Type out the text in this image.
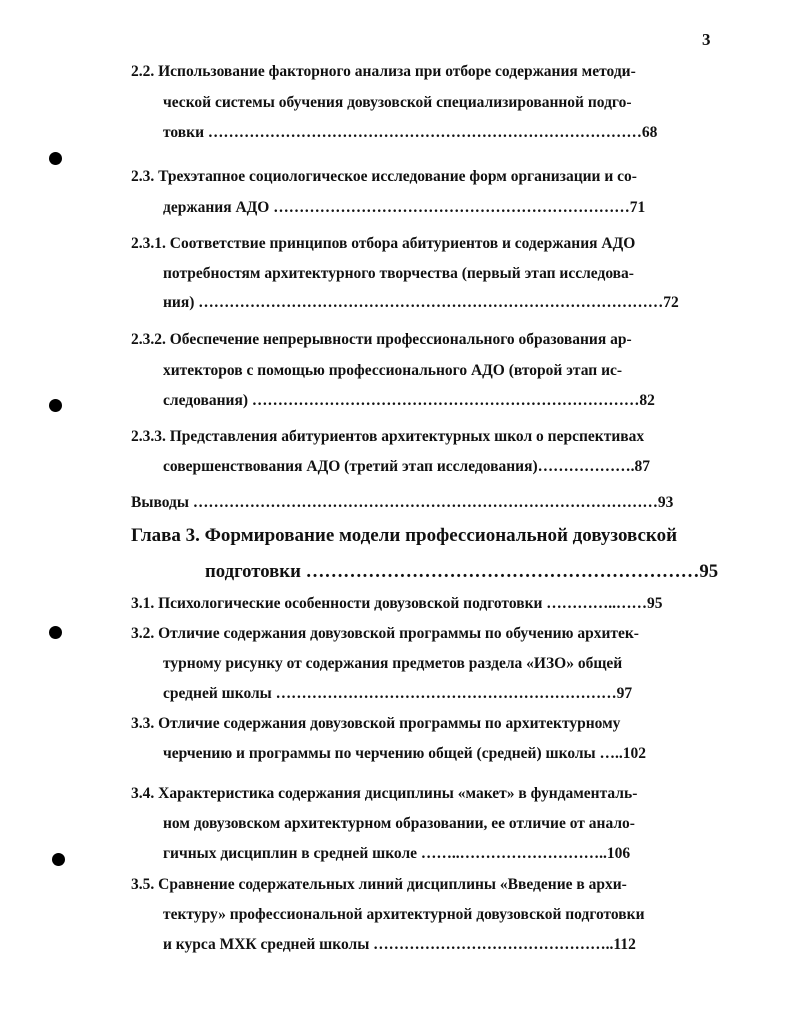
3
2.2. Использование факторного анализа при отборе содержания методи-
ческой системы обучения довузовской специализированной подго-
товки …………………………………………………………………………68
2.3. Трехэтапное социологическое исследование форм организации и со-
держания АДО ……………………………………………………………71
2.3.1. Соответствие принципов отбора абитуриентов и содержания АДО
потребностям архитектурного творчества (первый этап исследова-
ния) ………………………………………………………………………………72
2.3.2. Обеспечение непрерывности профессионального образования ар-
хитекторов с помощью профессионального АДО (второй этап ис-
следования) …………………………………………………………………82
2.3.3. Представления абитуриентов архитектурных школ о перспективах
совершенствования АДО (третий этап исследования)……………….87
Выводы ………………………………………………………………………………93
Глава 3. Формирование модели профессиональной довузовской
подготовки ………………………………………………………95
3.1. Психологические особенности довузовской подготовки …………..……95
3.2. Отличие содержания довузовской программы по обучению архитек-
турному рисунку от содержания предметов раздела «ИЗО» общей
средней школы …………………………………………………………97
3.3. Отличие содержания довузовской программы по архитектурному
черчению и программы по черчению общей (средней) школы …..102
3.4. Характеристика содержания дисциплины «макет» в фундаменталь-
ном довузовском архитектурном образовании, ее отличие от анало-
гичных дисциплин в средней школе ……..………………………..106
3.5. Сравнение содержательных линий дисциплины «Введение в архи-
тектуру» профессиональной архитектурной довузовской подготовки
и курса МХК средней школы ………………………………………..112
